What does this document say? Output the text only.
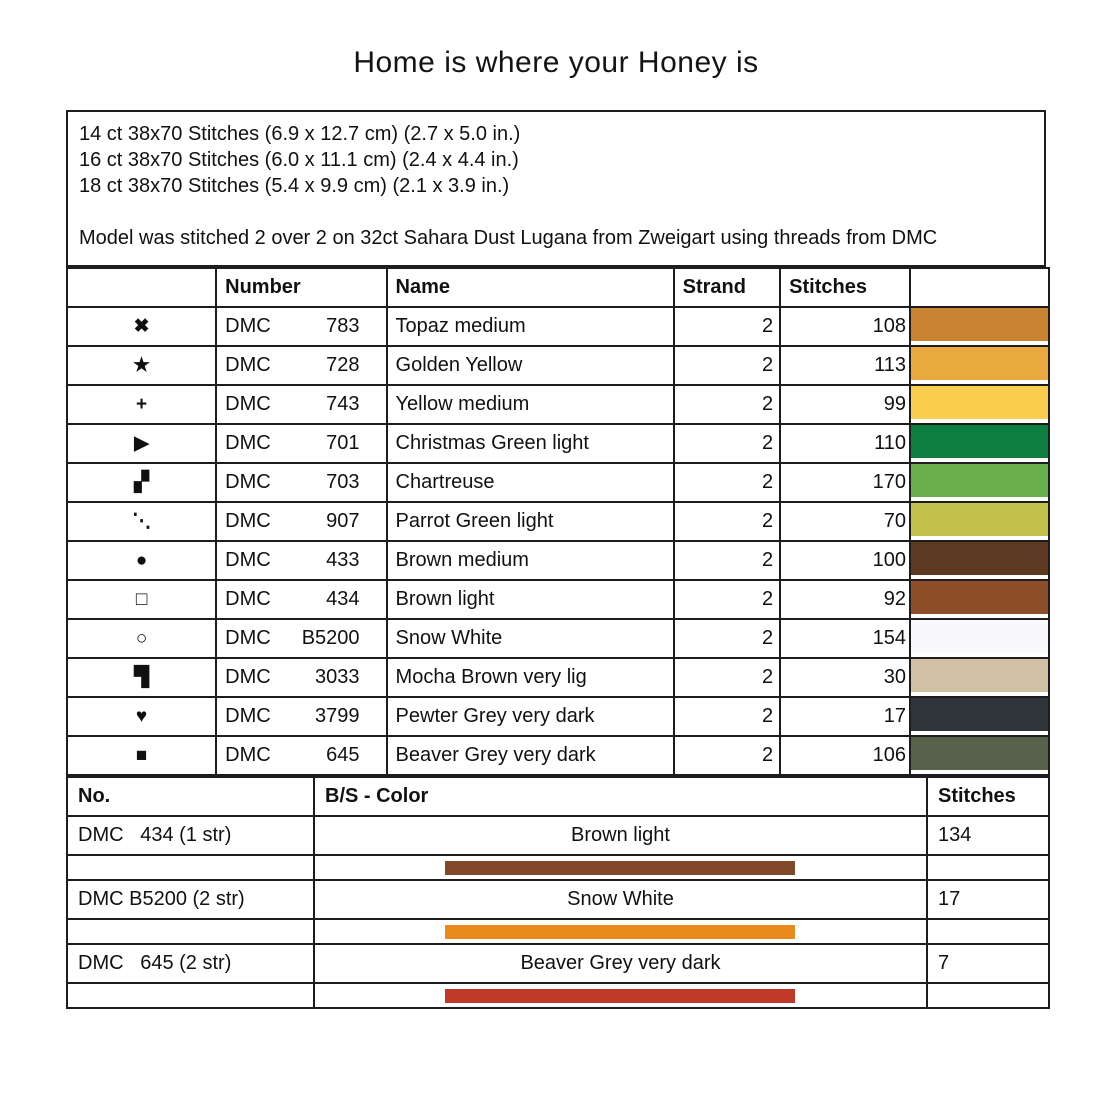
Home is where your Honey is
14 ct 38x70 Stitches (6.9 x 12.7 cm) (2.7 x 5.0 in.)
16 ct 38x70 Stitches (6.0 x 11.1 cm) (2.4 x 4.4 in.)
18 ct 38x70 Stitches (5.4 x 9.9 cm) (2.1 x 3.9 in.)
Model was stitched 2 over 2 on 32ct Sahara Dust Lugana from Zweigart using threads from DMC
	Number	Name	Strand	Stitches	
✖	DMC 783	Topaz medium	2	108	

★	DMC 728	Golden Yellow	2	113	

+	DMC 743	Yellow medium	2	99	

▶	DMC 701	Christmas Green light	2	110	

▞	DMC 703	Chartreuse	2	170	

⋱	DMC 907	Parrot Green light	2	70	

●	DMC 433	Brown medium	2	100	

□	DMC 434	Brown light	2	92	

○	DMC B5200	Snow White	2	154	

▜	DMC 3033	Mocha Brown very lig	2	30	

♥	DMC 3799	Pewter Grey very dark	2	17	

■	DMC 645	Beaver Grey very dark	2	106	
No.	B/S - Color	Stitches
DMC   434 (1 str)	Brown light	134

DMC B5200 (2 str)	Snow White	17

DMC   645 (2 str)	Beaver Grey very dark	7
